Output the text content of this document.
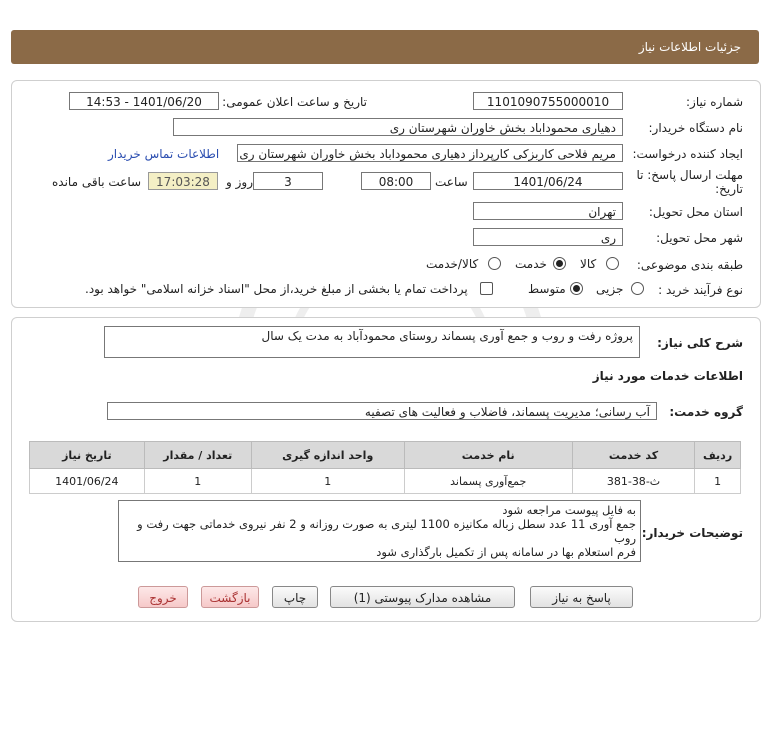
جزئیات اطلاعات نیاز
شماره نیاز:
1101090755000010
تاریخ و ساعت اعلان عمومی:
1401/06/20 - 14:53
نام دستگاه خریدار:
دهیاری محموداباد بخش خاوران شهرستان ری
ایجاد کننده درخواست:
مریم فلاحی کاربزکی کارپرداز دهیاری محموداباد بخش خاوران شهرستان ری
اطلاعات تماس خریدار
مهلت ارسال پاسخ: تا
تاریخ:
1401/06/24
ساعت
08:00
3
روز و
17:03:28
ساعت باقی مانده
استان محل تحویل:
تهران
شهر محل تحویل:
ری
طبقه بندی موضوعی:
کالا
خدمت
کالا/خدمت
نوع فرآیند خرید :
جزیی
متوسط
پرداخت تمام یا بخشی از مبلغ خرید،از محل "اسناد خزانه اسلامی" خواهد بود.
شرح کلی نیاز:
پروژه رفت و روب و جمع آوری پسماند روستای محمودآباد به مدت یک سال
اطلاعات خدمات مورد نیاز
گروه خدمت:
آب رسانی؛ مدیریت پسماند، فاضلاب و فعالیت های تصفیه
ردیف	کد خدمت	نام خدمت	واحد اندازه گیری	تعداد / مقدار	تاریخ نیاز
1	ث-38-381	جمع‌آوری پسماند	1	1	1401/06/24
توضیحات خریدار:
به فایل پیوست مراجعه شود
جمع آوری 11 عدد سطل زباله مکانیزه 1100 لیتری به صورت روزانه و 2 نفر نیروی خدماتی جهت رفت و روب
فرم استعلام بها در سامانه پس از تکمیل بارگذاری شود
پاسخ به نیاز
مشاهده مدارک پیوستی (1)
چاپ
بازگشت
خروج
